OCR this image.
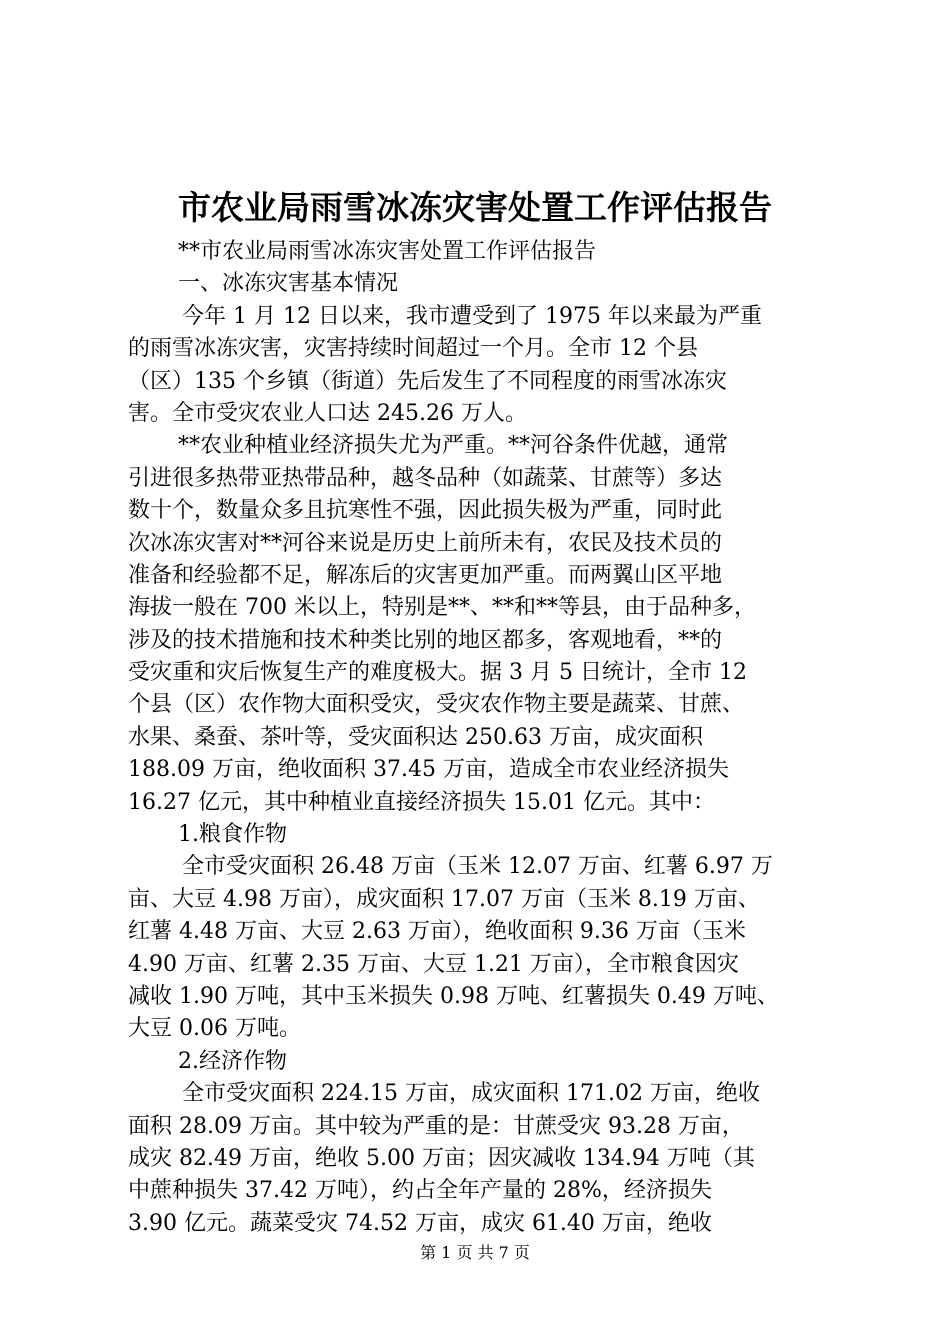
市农业局雨雪冰冻灾害处置工作评估报告
**市农业局雨雪冰冻灾害处置工作评估报告
一、冰冻灾害基本情况
今年 1 月 12 日以来，我市遭受到了 1975 年以来最为严重
的雨雪冰冻灾害，灾害持续时间超过一个月。全市 12 个县
（区）135 个乡镇（街道）先后发生了不同程度的雨雪冰冻灾
害。全市受灾农业人口达 245.26 万人。
**农业种植业经济损失尤为严重。**河谷条件优越，通常
引进很多热带亚热带品种，越冬品种（如蔬菜、甘蔗等）多达
数十个，数量众多且抗寒性不强，因此损失极为严重，同时此
次冰冻灾害对**河谷来说是历史上前所未有，农民及技术员的
准备和经验都不足，解冻后的灾害更加严重。而两翼山区平地
海拔一般在 700 米以上，特别是**、**和**等县，由于品种多，
涉及的技术措施和技术种类比别的地区都多，客观地看，**的
受灾重和灾后恢复生产的难度极大。据 3 月 5 日统计，全市 12
个县（区）农作物大面积受灾，受灾农作物主要是蔬菜、甘蔗、
水果、桑蚕、茶叶等，受灾面积达 250.63 万亩，成灾面积
188.09 万亩，绝收面积 37.45 万亩，造成全市农业经济损失
16.27 亿元，其中种植业直接经济损失 15.01 亿元。其中：
1.粮食作物
全市受灾面积 26.48 万亩（玉米 12.07 万亩、红薯 6.97 万
亩、大豆 4.98 万亩），成灾面积 17.07 万亩（玉米 8.19 万亩、
红薯 4.48 万亩、大豆 2.63 万亩），绝收面积 9.36 万亩（玉米
4.90 万亩、红薯 2.35 万亩、大豆 1.21 万亩），全市粮食因灾
减收 1.90 万吨，其中玉米损失 0.98 万吨、红薯损失 0.49 万吨、
大豆 0.06 万吨。
2.经济作物
全市受灾面积 224.15 万亩，成灾面积 171.02 万亩，绝收
面积 28.09 万亩。其中较为严重的是：甘蔗受灾 93.28 万亩，
成灾 82.49 万亩，绝收 5.00 万亩；因灾减收 134.94 万吨（其
中蔗种损失 37.42 万吨），约占全年产量的 28%，经济损失
3.90 亿元。蔬菜受灾 74.52 万亩，成灾 61.40 万亩，绝收
第 1 页 共 7 页
